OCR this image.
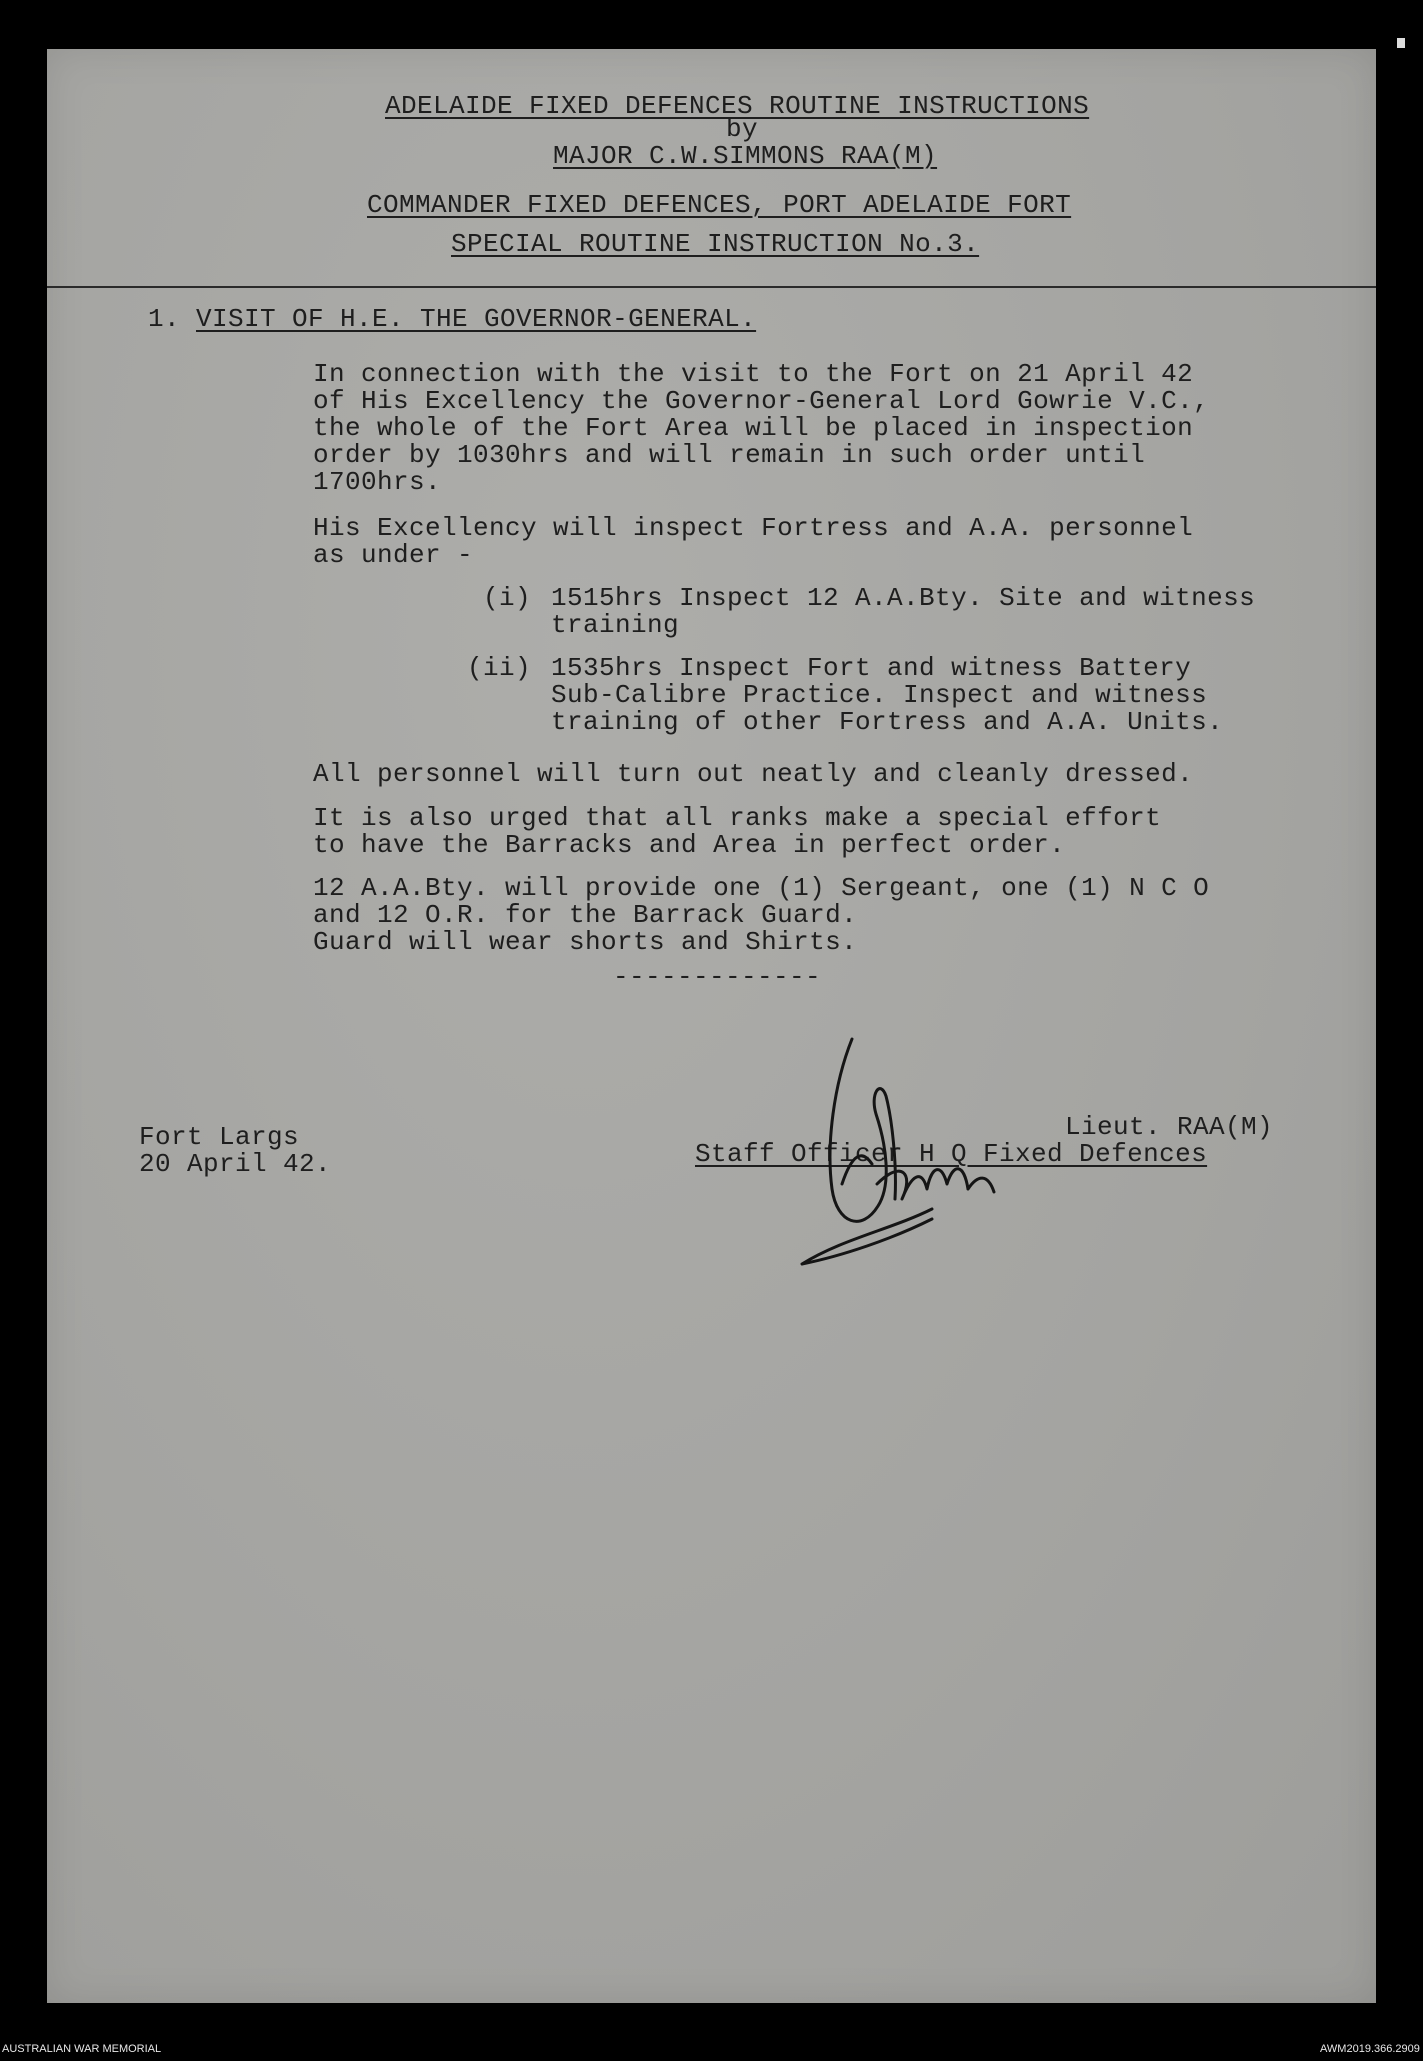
ADELAIDE FIXED DEFENCES ROUTINE INSTRUCTIONS
by
MAJOR C.W.SIMMONS RAA(M)
COMMANDER FIXED DEFENCES, PORT ADELAIDE FORT
SPECIAL ROUTINE INSTRUCTION No.3.
1. VISIT OF H.E. THE GOVERNOR-GENERAL.
In connection with the visit to the Fort on 21 April 42
of His Excellency the Governor-General Lord Gowrie V.C.,
the whole of the Fort Area will be placed in inspection
order by 1030hrs and will remain in such order until
1700hrs.
His Excellency will inspect Fortress and A.A. personnel
as under -
(i) 1515hrs Inspect 12 A.A.Bty. Site and witness
training
(ii) 1535hrs Inspect Fort and witness Battery
Sub-Calibre Practice. Inspect and witness
training of other Fortress and A.A. Units.
All personnel will turn out neatly and cleanly dressed.
It is also urged that all ranks make a special effort
to have the Barracks and Area in perfect order.
12 A.A.Bty. will provide one (1) Sergeant, one (1) N C O
and 12 O.R. for the Barrack Guard.
Guard will wear shorts and Shirts.
-------------
Lieut. RAA(M)
Staff Officer H Q Fixed Defences
Fort Largs
20 April 42.
AUSTRALIAN WAR MEMORIAL	AWM2019.366.2909
